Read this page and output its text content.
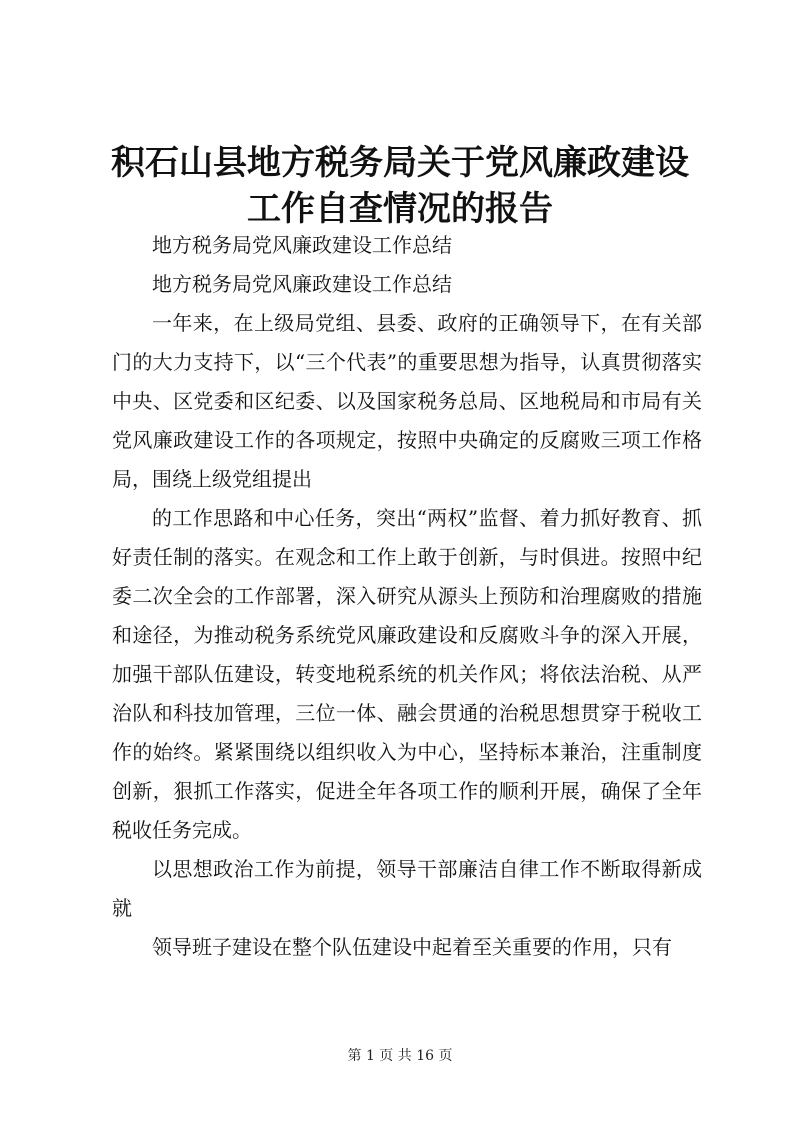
积石山县地方税务局关于党风廉政建设工作自查情况的报告

地方税务局党风廉政建设工作总结

地方税务局党风廉政建设工作总结

一年来，在上级局党组、县委、政府的正确领导下，在有关部门的大力支持下，以“三个代表”的重要思想为指导，认真贯彻落实中央、区党委和区纪委、以及国家税务总局、区地税局和市局有关党风廉政建设工作的各项规定，按照中央确定的反腐败三项工作格局，围绕上级党组提出

的工作思路和中心任务，突出“两权”监督、着力抓好教育、抓好责任制的落实。在观念和工作上敢于创新，与时俱进。按照中纪委二次全会的工作部署，深入研究从源头上预防和治理腐败的措施和途径，为推动税务系统党风廉政建设和反腐败斗争的深入开展，加强干部队伍建设，转变地税系统的机关作风；将依法治税、从严治队和科技加管理，三位一体、融会贯通的治税思想贯穿于税收工作的始终。紧紧围绕以组织收入为中心，坚持标本兼治，注重制度创新，狠抓工作落实，促进全年各项工作的顺利开展，确保了全年税收任务完成。

以思想政治工作为前提，领导干部廉洁自律工作不断取得新成就

领导班子建设在整个队伍建设中起着至关重要的作用，只有

第 1 页 共 16 页
